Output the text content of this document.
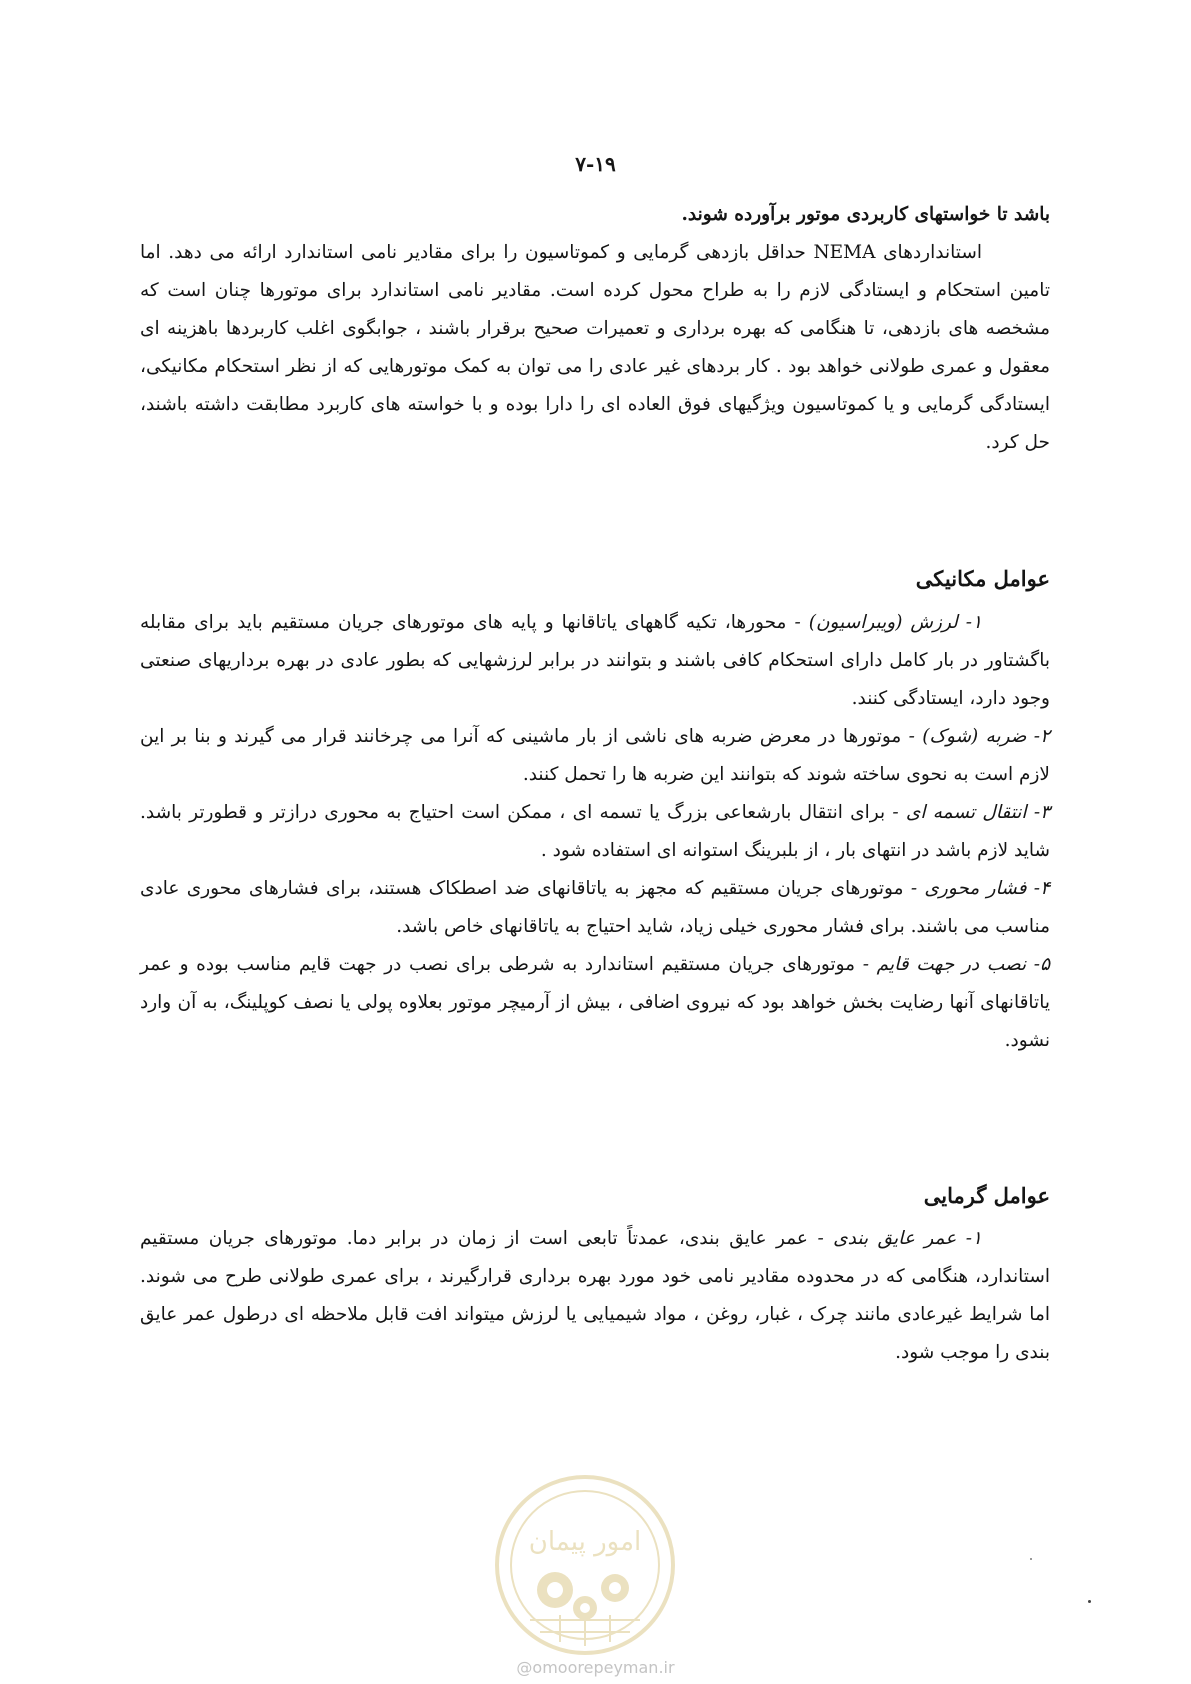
۷-۱۹

باشد تا خواستهای کاربردی موتور برآورده شوند.

استانداردهای NEMA حداقل بازدهی گرمایی و کموتاسیون را برای مقادیر نامی استاندارد ارائه می دهد. اما تامین استحکام و ایستادگی لازم را به طراح محول کرده است. مقادیر نامی استاندارد برای موتورها چنان است که مشخصه های بازدهی، تا هنگامی که بهره برداری و تعمیرات صحیح برقرار باشند ، جوابگوی اغلب کاربردها باهزینه ای معقول و عمری طولانی خواهد بود . کار بردهای غیر عادی را می توان به کمک موتورهایی که از نظر استحکام مکانیکی، ایستادگی گرمایی و یا کموتاسیون ویژگیهای فوق العاده ای را دارا بوده و با خواسته های کاربرد مطابقت داشته باشند، حل کرد.

عوامل مکانیکی

۱- لرزش (ویبراسیون) - محورها، تکیه گاههای یاتاقانها و پایه های موتورهای جریان مستقیم باید برای مقابله باگشتاور در بار کامل دارای استحکام کافی باشند و بتوانند در برابر لرزشهایی که بطور عادی در بهره برداریهای صنعتی وجود دارد، ایستادگی کنند.

۲- ضربه (شوک) - موتورها در معرض ضربه های ناشی از بار ماشینی که آنرا می چرخانند قرار می گیرند و بنا بر این لازم است به نحوی ساخته شوند که بتوانند این ضربه ها را تحمل کنند.

۳- انتقال تسمه ای - برای انتقال بارشعاعی بزرگ یا تسمه ای ، ممکن است احتیاج به محوری درازتر و قطورتر باشد. شاید لازم باشد در انتهای بار ، از بلبرینگ استوانه ای استفاده شود .

۴- فشار محوری - موتورهای جریان مستقیم که مجهز به یاتاقانهای ضد اصطکاک هستند، برای فشارهای محوری عادی مناسب می باشند. برای فشار محوری خیلی زیاد، شاید احتیاج به یاتاقانهای خاص باشد.

۵- نصب در جهت قایم - موتورهای جریان مستقیم استاندارد به شرطی برای نصب در جهت قایم مناسب بوده و عمر یاتاقانهای آنها رضایت بخش خواهد بود که نیروی اضافی ، بیش از آرمیچر موتور بعلاوه پولی یا نصف کوپلینگ، به آن وارد نشود.

عوامل گرمایی

۱- عمر عایق بندی - عمر عایق بندی، عمدتاً تابعی است از زمان در برابر دما. موتورهای جریان مستقیم استاندارد، هنگامی که در محدوده مقادیر نامی خود مورد بهره برداری قرارگیرند ، برای عمری طولانی طرح می شوند. اما شرایط غیرعادی مانند چرک ، غبار، روغن ، مواد شیمیایی یا لرزش میتواند افت قابل ملاحظه ای درطول عمر عایق بندی را موجب شود.

امور پیمان
@omoorepeyman.ir
